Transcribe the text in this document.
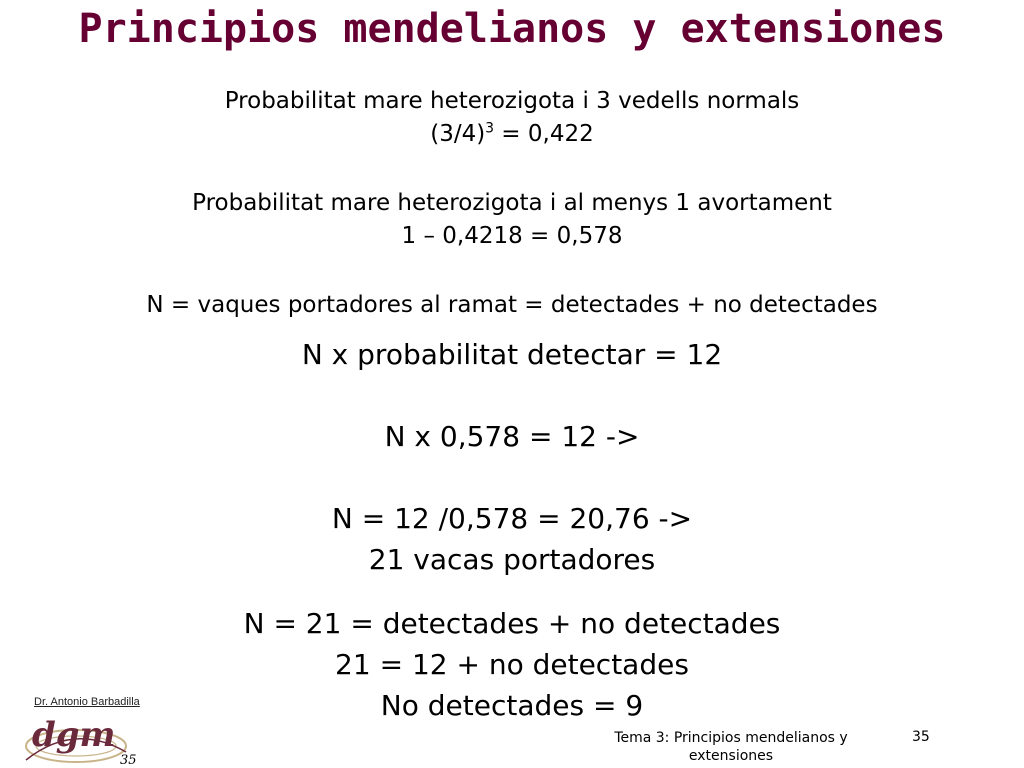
Principios mendelianos y extensiones
Probabilitat mare heterozigota i 3 vedells normals
$(3/4)^3 = 0,422$
Probabilitat mare heterozigota i al menys 1 avortament
1 – 0,4218 = 0,578
N = vaques portadores al ramat = detectades + no detectades
N x probabilitat detectar = 12
N x 0,578 = 12 ->
N = 12 /0,578 = 20,76 ->
21 vacas portadores
N = 21 = detectades + no detectades
21 = 12 + no detectades
No detectades = 9
Dr. Antonio Barbadilla
dgm
35
Tema 3: Principios mendelianos y extensiones
35
